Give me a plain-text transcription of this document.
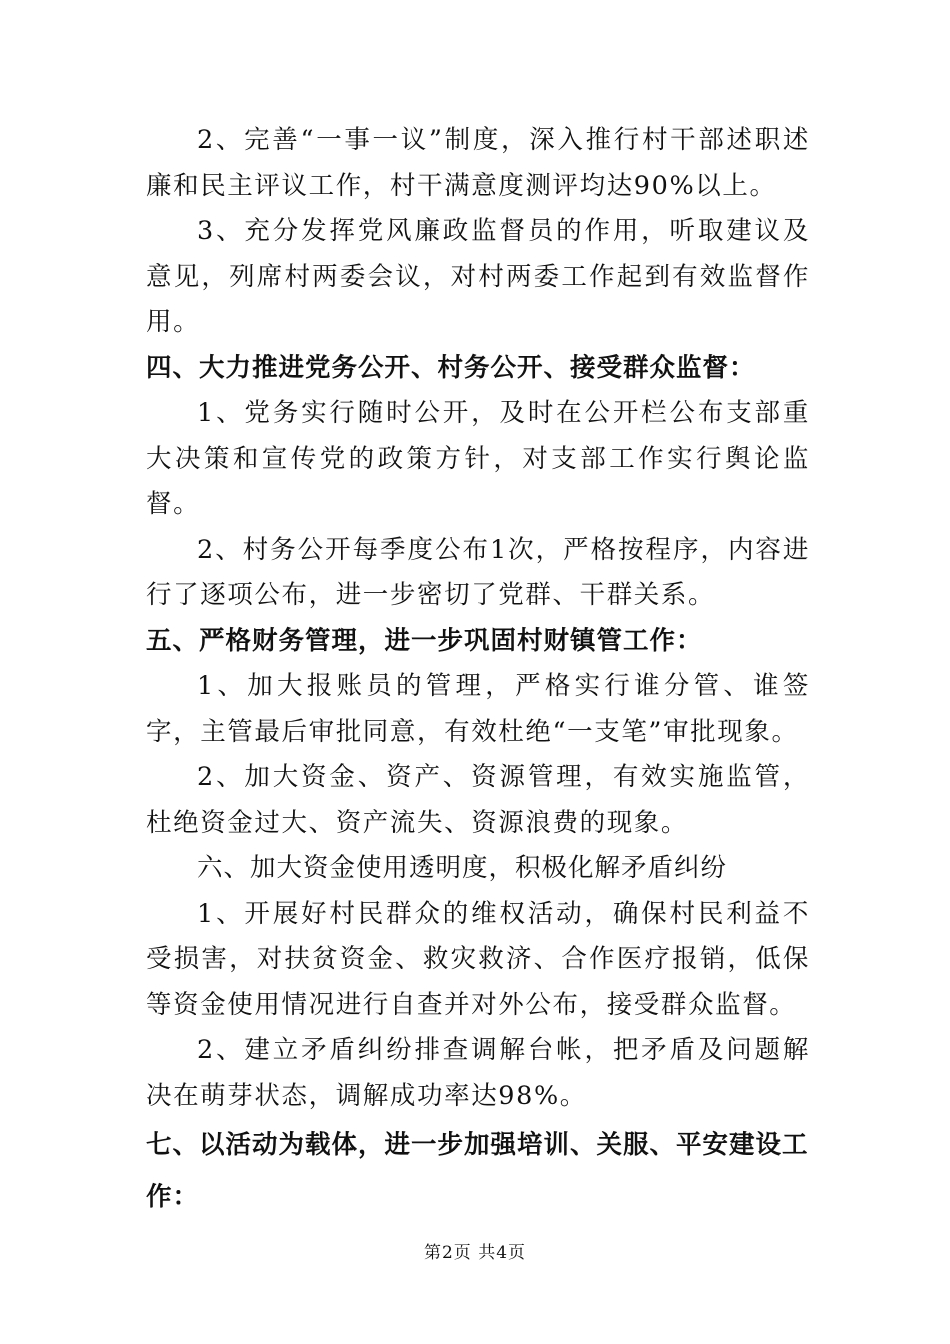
2、完善“一事一议”制度，深入推行村干部述职述廉和民主评议工作，村干满意度测评均达90%以上。

3、充分发挥党风廉政监督员的作用，听取建议及意见，列席村两委会议，对村两委工作起到有效监督作用。

四、大力推进党务公开、村务公开、接受群众监督：

1、党务实行随时公开，及时在公开栏公布支部重大决策和宣传党的政策方针，对支部工作实行舆论监督。

2、村务公开每季度公布1次，严格按程序，内容进行了逐项公布，进一步密切了党群、干群关系。

五、严格财务管理，进一步巩固村财镇管工作：

1、加大报账员的管理，严格实行谁分管、谁签字，主管最后审批同意，有效杜绝“一支笔”审批现象。

2、加大资金、资产、资源管理，有效实施监管，杜绝资金过大、资产流失、资源浪费的现象。

六、加大资金使用透明度，积极化解矛盾纠纷

1、开展好村民群众的维权活动，确保村民利益不受损害，对扶贫资金、救灾救济、合作医疗报销，低保等资金使用情况进行自查并对外公布，接受群众监督。

2、建立矛盾纠纷排查调解台帐，把矛盾及问题解决在萌芽状态，调解成功率达98%。

七、以活动为载体，进一步加强培训、关服、平安建设工作：

第2页 共4页
